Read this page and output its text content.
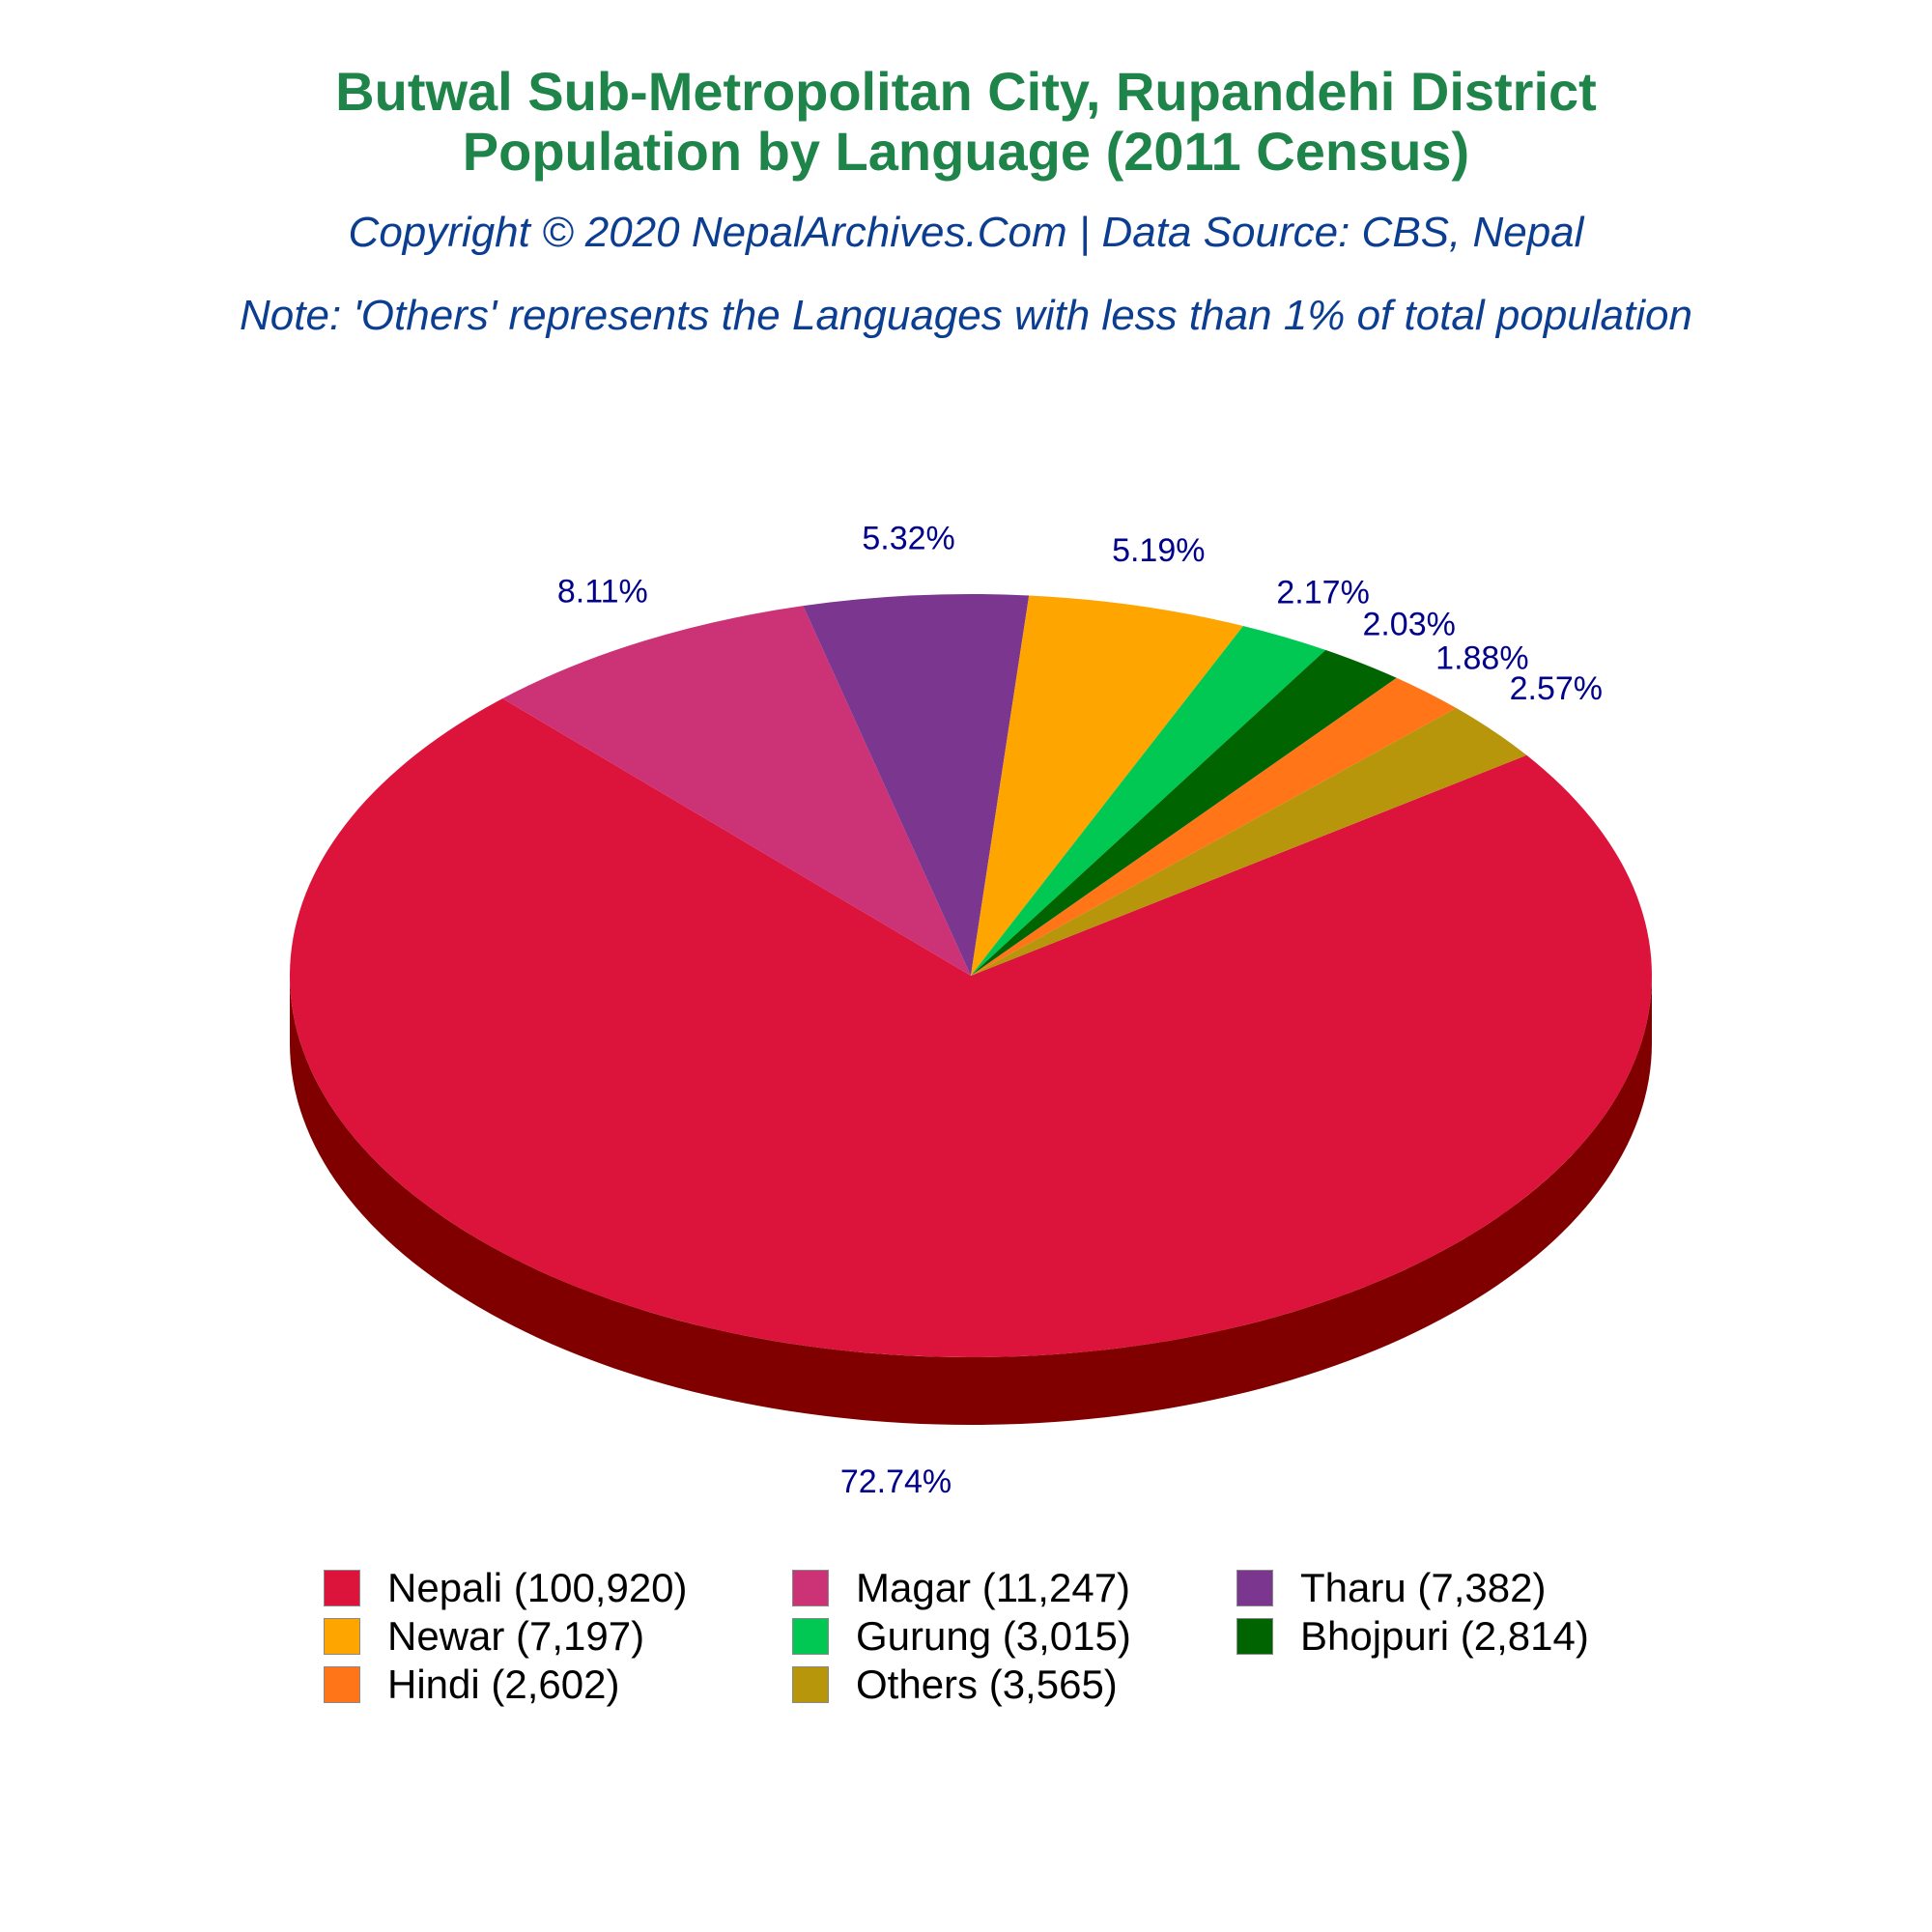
Butwal Sub-Metropolitan City, Rupandehi District
Population by Language (2011 Census)
Copyright © 2020 NepalArchives.Com | Data Source: CBS, Nepal
Note: 'Others' represents the Languages with less than 1% of total population
72.74%
8.11%
5.32%	5.19%
2.17%
2.03%
1.88%
2.57%
Nepali (100,920)	Magar (11,247)	Tharu (7,382)
Newar (7,197)	Gurung (3,015)	Bhojpuri (2,814)
Hindi (2,602)	Others (3,565)
